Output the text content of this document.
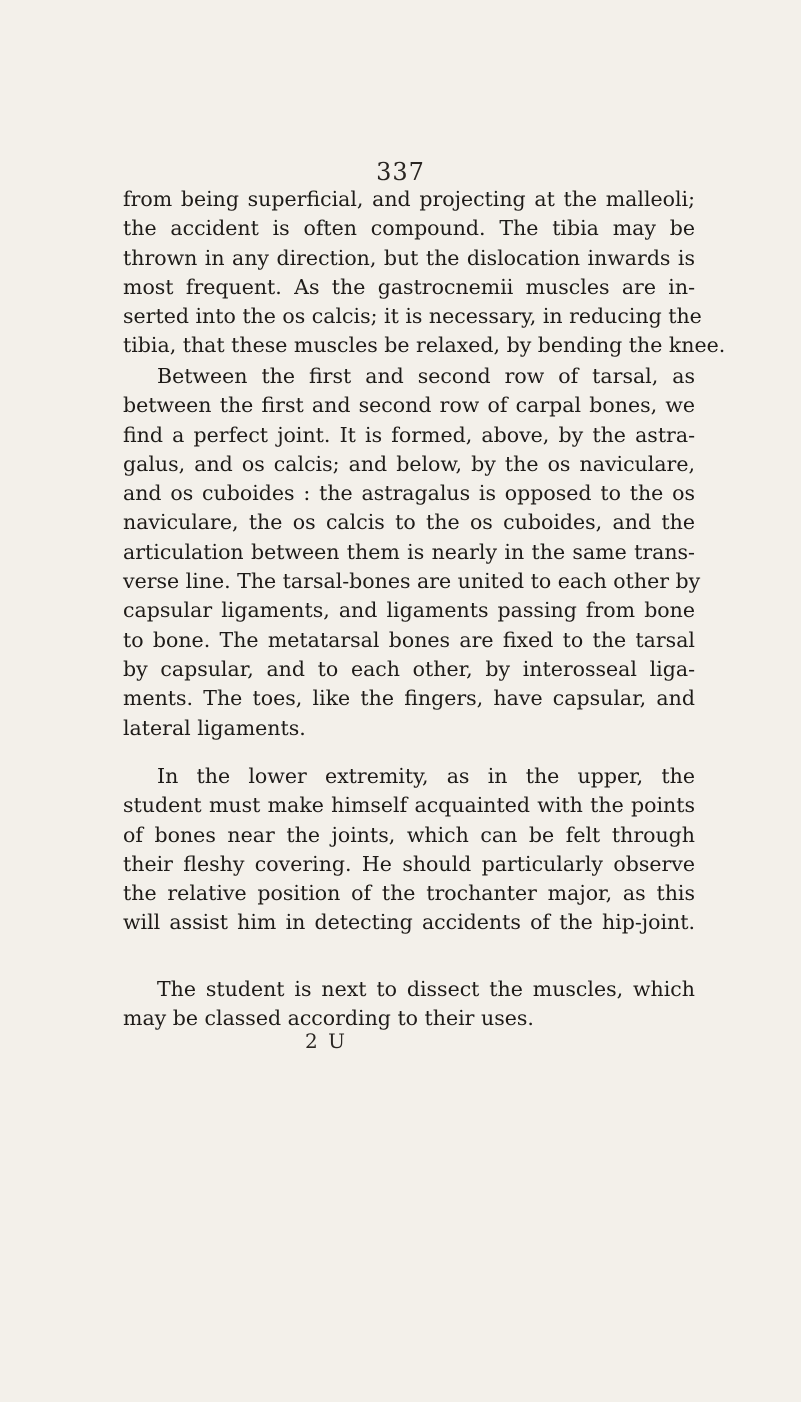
337
from being superficial, and projecting at the malleoli;
the accident is often compound. The tibia may be
thrown in any direction, but the dislocation inwards is
most frequent. As the gastrocnemii muscles are in-
serted into the os calcis; it is necessary, in reducing the
tibia, that these muscles be relaxed, by bending the knee.
Between the first and second row of tarsal, as
between the first and second row of carpal bones, we
find a perfect joint. It is formed, above, by the astra-
galus, and os calcis; and below, by the os naviculare,
and os cuboides : the astragalus is opposed to the os
naviculare, the os calcis to the os cuboides, and the
articulation between them is nearly in the same trans-
verse line. The tarsal-bones are united to each other by
capsular ligaments, and ligaments passing from bone
to bone. The metatarsal bones are fixed to the tarsal
by capsular, and to each other, by interosseal liga-
ments. The toes, like the fingers, have capsular, and
lateral ligaments.
In the lower extremity, as in the upper, the
student must make himself acquainted with the points
of bones near the joints, which can be felt through
their fleshy covering. He should particularly observe
the relative position of the trochanter major, as this
will assist him in detecting accidents of the hip-joint.
The student is next to dissect the muscles, which
may be classed according to their uses.
2 U
